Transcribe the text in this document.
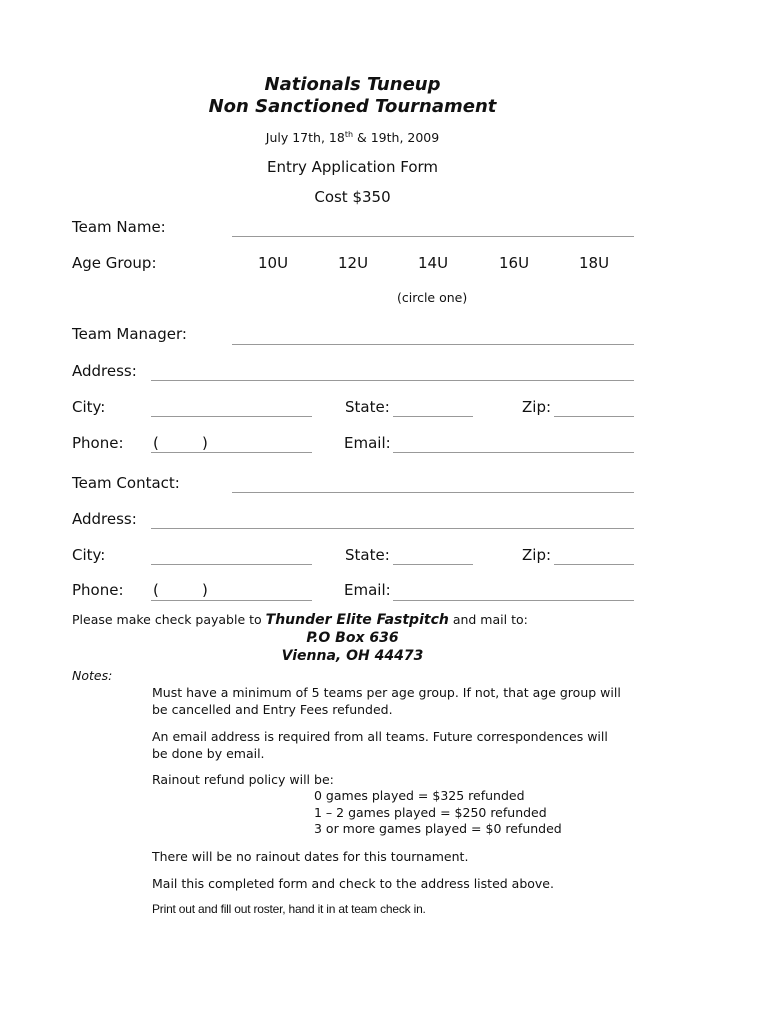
Nationals Tuneup
Non Sanctioned Tournament
July 17th, 18th & 19th, 2009
Entry Application Form
Cost $350
Team Name:
Age Group:	10U	12U	14U	16U	18U
(circle one)
Team Manager:
Address:
City:	State:	Zip:
Phone: (	)	Email:
Team Contact:
Address:
City:	State:	Zip:
Phone: (	)	Email:
Please make check payable to Thunder Elite Fastpitch and mail to:
P.O Box 636
Vienna, OH 44473
Notes:
Must have a minimum of 5 teams per age group. If not, that age group will be cancelled and Entry Fees refunded.
An email address is required from all teams. Future correspondences will be done by email.
Rainout refund policy will be:
0 games played = $325 refunded
1 – 2 games played = $250 refunded
3 or more games played = $0 refunded
There will be no rainout dates for this tournament.
Mail this completed form and check to the address listed above.
Print out and fill out roster, hand it in at team check in.
